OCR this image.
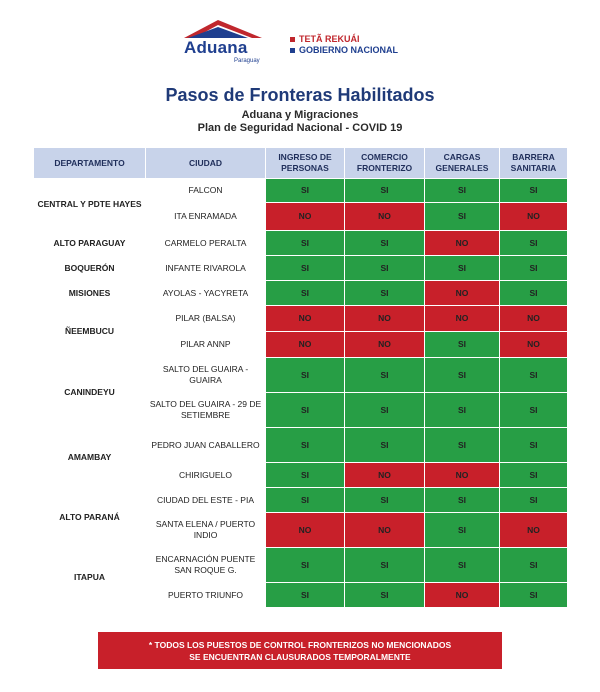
Aduana
Paraguay
TETÃ REKUÁI
GOBIERNO NACIONAL
Pasos de Fronteras Habilitados
Aduana y Migraciones
Plan de Seguridad Nacional - COVID 19
DEPARTAMENTO	CIUDAD	INGRESO DE PERSONAS	COMERCIO FRONTERIZO	CARGAS GENERALES	BARRERA SANITARIA
CENTRAL Y PDTE HAYES	FALCON	SI	SI	SI	SI
	ITA ENRAMADA	NO	NO	SI	NO
ALTO PARAGUAY	CARMELO PERALTA	SI	SI	NO	SI
BOQUERÓN	INFANTE RIVAROLA	SI	SI	SI	SI
MISIONES	AYOLAS - YACYRETA	SI	SI	NO	SI
ÑEEMBUCU	PILAR (BALSA)	NO	NO	NO	NO
	PILAR ANNP	NO	NO	SI	NO
CANINDEYU	SALTO DEL GUAIRA - GUAIRA	SI	SI	SI	SI
	SALTO DEL GUAIRA - 29 DE SETIEMBRE	SI	SI	SI	SI
AMAMBAY	PEDRO JUAN CABALLERO	SI	SI	SI	SI
	CHIRIGUELO	SI	NO	NO	SI
ALTO PARANÁ	CIUDAD DEL ESTE - PIA	SI	SI	SI	SI
	SANTA ELENA / PUERTO INDIO	NO	NO	SI	NO
ITAPUA	ENCARNACIÓN PUENTE SAN ROQUE G.	SI	SI	SI	SI
	PUERTO TRIUNFO	SI	SI	NO	SI
* TODOS LOS PUESTOS DE CONTROL FRONTERIZOS NO MENCIONADOS
SE ENCUENTRAN CLAUSURADOS TEMPORALMENTE
